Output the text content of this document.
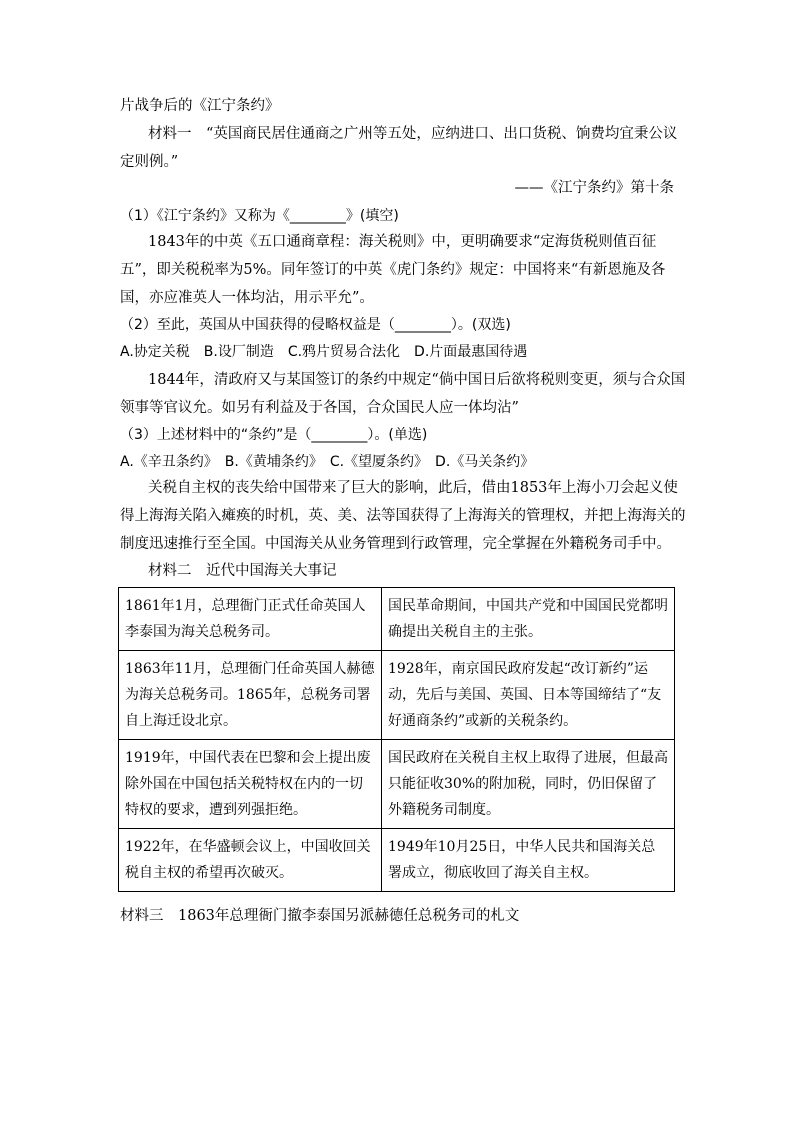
片战争后的《江宁条约》
材料一　“英国商民居住通商之广州等五处，应纳进口、出口货税、饷费均宜秉公议
定则例。”
——《江宁条约》第十条
（1）《江宁条约》又称为《________》(填空)
1843年的中英《五口通商章程：海关税则》中，更明确要求“定海货税则值百征
五”，即关税税率为5%。同年签订的中英《虎门条约》规定：中国将来“有新恩施及各
国，亦应准英人一体均沾，用示平允”。
（2）至此，英国从中国获得的侵略权益是（________）。(双选)
A.协定关税　B.设厂制造　C.鸦片贸易合法化　D.片面最惠国待遇
1844年，清政府又与某国签订的条约中规定“倘中国日后欲将税则变更，须与合众国
领事等官议允。如另有利益及于各国，合众国民人应一体均沾”
（3）上述材料中的“条约”是（________）。(单选)
A.《辛丑条约》　B.《黄埔条约》　C.《望厦条约》　D.《马关条约》
关税自主权的丧失给中国带来了巨大的影响，此后，借由1853年上海小刀会起义使
得上海海关陷入瘫痪的时机，英、美、法等国获得了上海海关的管理权，并把上海海关的
制度迅速推行至全国。中国海关从业务管理到行政管理，完全掌握在外籍税务司手中。
材料二　近代中国海关大事记
1861年1月，总理衙门正式任命英国人李泰国为海关总税务司。	国民革命期间，中国共产党和中国国民党都明确提出关税自主的主张。
1863年11月，总理衙门任命英国人赫德为海关总税务司。1865年，总税务司署自上海迁设北京。	1928年，南京国民政府发起“改订新约”运动，先后与美国、英国、日本等国缔结了“友好通商条约”或新的关税条约。
1919年，中国代表在巴黎和会上提出废除外国在中国包括关税特权在内的一切特权的要求，遭到列强拒绝。	国民政府在关税自主权上取得了进展，但最高只能征收30%的附加税，同时，仍旧保留了外籍税务司制度。
1922年，在华盛顿会议上，中国收回关税自主权的希望再次破灭。	1949年10月25日，中华人民共和国海关总署成立，彻底收回了海关自主权。
材料三　1863年总理衙门撤李泰国另派赫德任总税务司的札文
